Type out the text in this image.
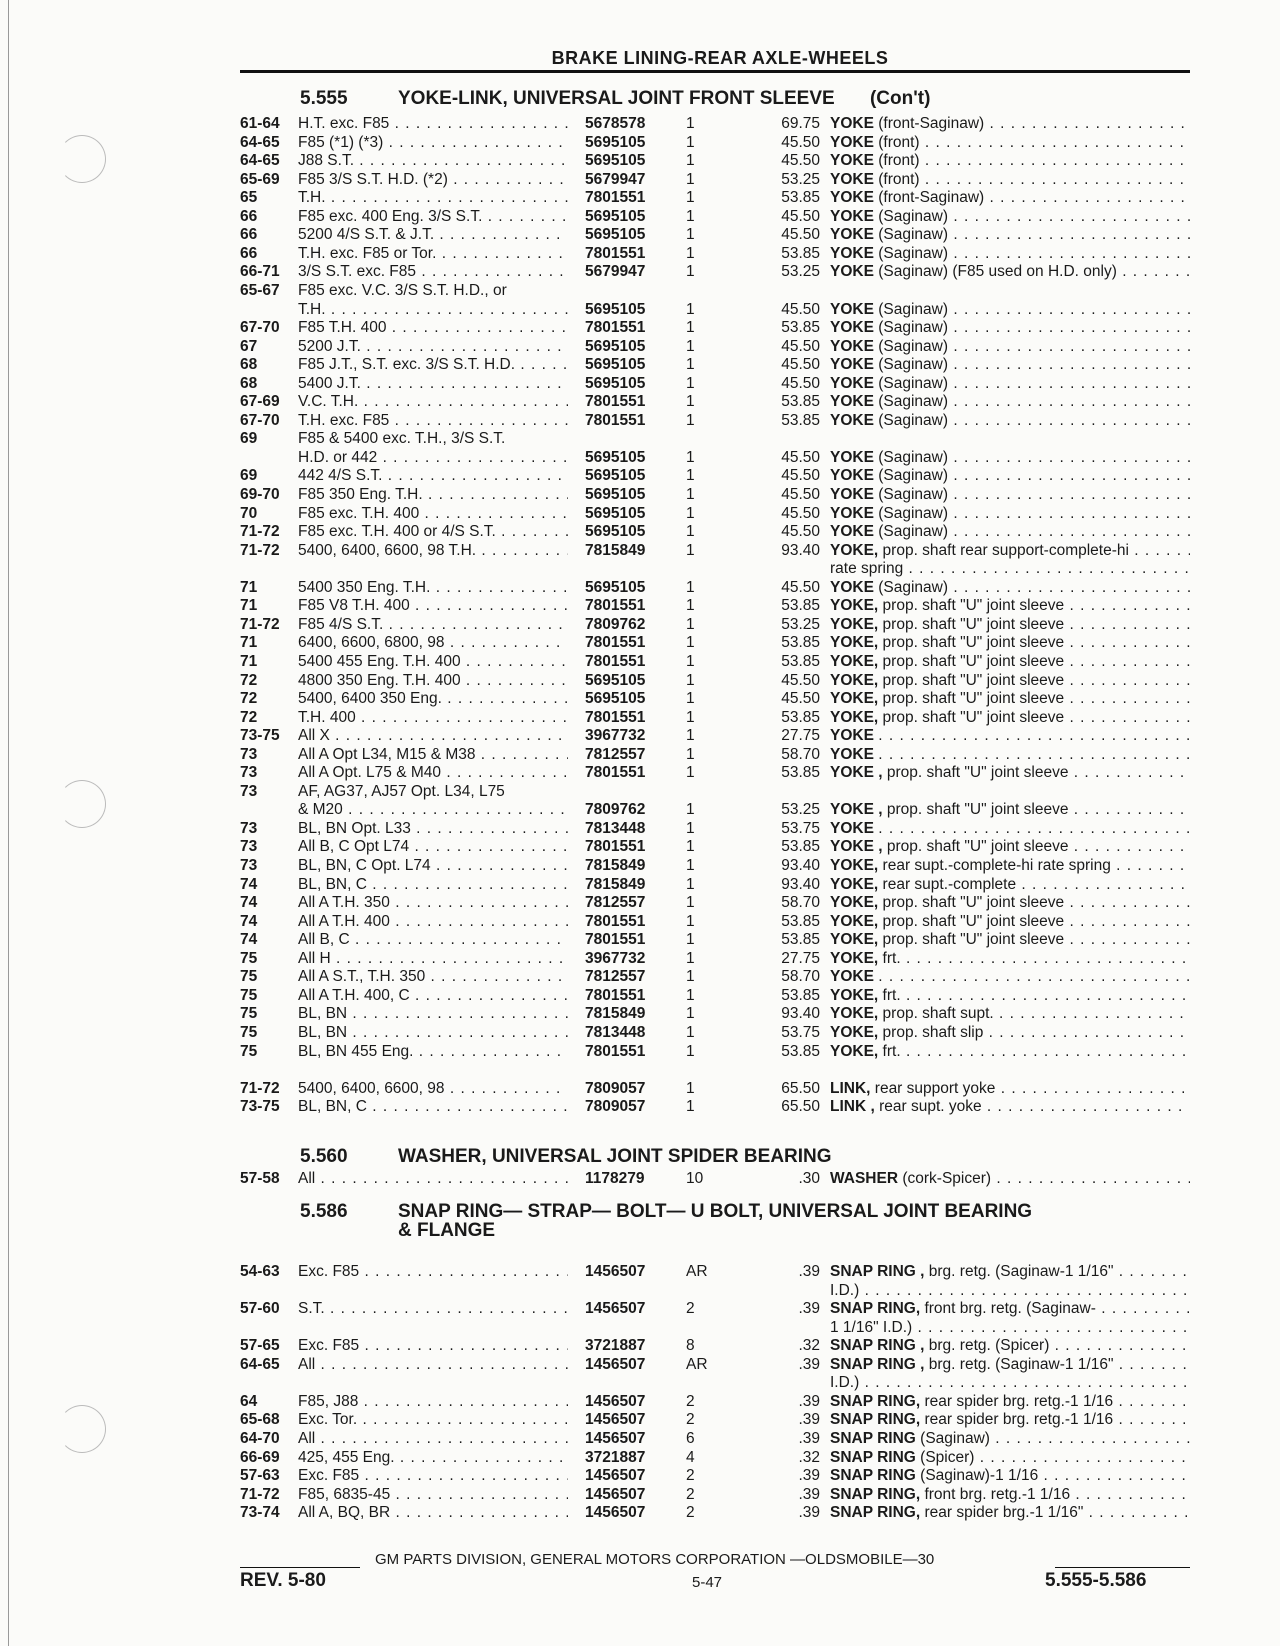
BRAKE LINING-REAR AXLE-WHEELS
5.555	YOKE-LINK, UNIVERSAL JOINT FRONT SLEEVE (Con't)
61-64	H.T. exc. F85 . . .	5678578	1	69.75 YOKE (front-Saginaw) . . .
64-65	F85 (*1) (*3) . . .	5695105	1	45.50 YOKE (front) . . .
64-65	J88 S.T. . . .	5695105	1	45.50 YOKE (front) . . .
65-69	F85 3/S S.T. H.D. (*2) . . .	5679947	1	53.25 YOKE (front) . . .
65	T.H. . . .	7801551	1	53.85 YOKE (front-Saginaw) . . .
66	F85 exc. 400 Eng. 3/S S.T. . . .	5695105	1	45.50 YOKE (Saginaw) . . .
66	5200 4/S S.T. & J.T. . . .	5695105	1	45.50 YOKE (Saginaw) . . .
66	T.H. exc. F85 or Tor. . . .	7801551	1	53.85 YOKE (Saginaw) . . .
66-71	3/S S.T. exc. F85 . . .	5679947	1	53.25 YOKE (Saginaw) (F85 used on H.D. only) . . .
65-67	F85 exc. V.C. 3/S S.T. H.D., or
T.H. . . .	5695105	1	45.50 YOKE (Saginaw) . . .
67-70	F85 T.H. 400 . . .	7801551	1	53.85 YOKE (Saginaw) . . .
67	5200 J.T. . . .	5695105	1	45.50 YOKE (Saginaw) . . .
68	F85 J.T., S.T. exc. 3/S S.T. H.D. . . .	5695105	1	45.50 YOKE (Saginaw) . . .
68	5400 J.T. . . .	5695105	1	45.50 YOKE (Saginaw) . . .
67-69	V.C. T.H. . . .	7801551	1	53.85 YOKE (Saginaw) . . .
67-70	T.H. exc. F85 . . .	7801551	1	53.85 YOKE (Saginaw) . . .
69	F85 & 5400 exc. T.H., 3/S S.T.
H.D. or 442 . . .	5695105	1	45.50 YOKE (Saginaw) . . .
69	442 4/S S.T. . . .	5695105	1	45.50 YOKE (Saginaw) . . .
69-70	F85 350 Eng. T.H. . . .	5695105	1	45.50 YOKE (Saginaw) . . .
70	F85 exc. T.H. 400 . . .	5695105	1	45.50 YOKE (Saginaw) . . .
71-72	F85 exc. T.H. 400 or 4/S S.T. . . .	5695105	1	45.50 YOKE (Saginaw) . . .
71-72	5400, 6400, 6600, 98 T.H. . . .	7815849	1	93.40 YOKE, prop. shaft rear support-complete-hi . . .
rate spring . . .
71	5400 350 Eng. T.H. . . .	5695105	1	45.50 YOKE (Saginaw) . . .
71	F85 V8 T.H. 400 . . .	7801551	1	53.85 YOKE, prop. shaft "U" joint sleeve . . .
71-72	F85 4/S S.T. . . .	7809762	1	53.25 YOKE, prop. shaft "U" joint sleeve . . .
71	6400, 6600, 6800, 98 . . .	7801551	1	53.85 YOKE, prop. shaft "U" joint sleeve . . .
71	5400 455 Eng. T.H. 400 . . .	7801551	1	53.85 YOKE, prop. shaft "U" joint sleeve . . .
72	4800 350 Eng. T.H. 400 . . .	5695105	1	45.50 YOKE, prop. shaft "U" joint sleeve . . .
72	5400, 6400 350 Eng. . . .	5695105	1	45.50 YOKE, prop. shaft "U" joint sleeve . . .
72	T.H. 400 . . .	7801551	1	53.85 YOKE, prop. shaft "U" joint sleeve . . .
73-75	All X . . .	3967732	1	27.75 YOKE . . .
73	All A Opt L34, M15 & M38 . . .	7812557	1	58.70 YOKE . . .
73	All A Opt. L75 & M40 . . .	7801551	1	53.85 YOKE , prop. shaft "U" joint sleeve . . .
73	AF, AG37, AJ57 Opt. L34, L75
& M20 . . .	7809762	1	53.25 YOKE , prop. shaft "U" joint sleeve . . .
73	BL, BN Opt. L33 . . .	7813448	1	53.75 YOKE . . .
73	All B, C Opt L74 . . .	7801551	1	53.85 YOKE , prop. shaft "U" joint sleeve . . .
73	BL, BN, C Opt. L74 . . .	7815849	1	93.40 YOKE, rear supt.-complete-hi rate spring . . .
74	BL, BN, C . . .	7815849	1	93.40 YOKE, rear supt.-complete . . .
74	All A T.H. 350 . . .	7812557	1	58.70 YOKE, prop. shaft "U" joint sleeve . . .
74	All A T.H. 400 . . .	7801551	1	53.85 YOKE, prop. shaft "U" joint sleeve . . .
74	All B, C . . .	7801551	1	53.85 YOKE, prop. shaft "U" joint sleeve . . .
75	All H . . .	3967732	1	27.75 YOKE, frt. . . .
75	All A S.T., T.H. 350 . . .	7812557	1	58.70 YOKE . . .
75	All A T.H. 400, C . . .	7801551	1	53.85 YOKE, frt. . . .
75	BL, BN . . .	7815849	1	93.40 YOKE, prop. shaft supt. . . .
75	BL, BN . . .	7813448	1	53.75 YOKE, prop. shaft slip . . .
75	BL, BN 455 Eng. . . .	7801551	1	53.85 YOKE, frt. . . .
71-72	5400, 6400, 6600, 98 . . .	7809057	1	65.50 LINK, rear support yoke . . .
73-75	BL, BN, C . . .	7809057	1	65.50 LINK , rear supt. yoke . . .
5.560	WASHER, UNIVERSAL JOINT SPIDER BEARING
57-58	All . . .	1178279	10	.30 WASHER (cork-Spicer) . . .
5.586	SNAP RING— STRAP— BOLT— U BOLT, UNIVERSAL JOINT BEARING
& FLANGE
54-63	Exc. F85 . . .	1456507	AR	.39 SNAP RING , brg. retg. (Saginaw-1 1/16" . . .
I.D.) . . .
57-60	S.T. . . .	1456507	2	.39 SNAP RING, front brg. retg. (Saginaw- . . .
1 1/16" I.D.) . . .
57-65	Exc. F85 . . .	3721887	8	.32 SNAP RING , brg. retg. (Spicer) . . .
64-65	All . . .	1456507	AR	.39 SNAP RING , brg. retg. (Saginaw-1 1/16" . . .
I.D.) . . .
64	F85, J88 . . .	1456507	2	.39 SNAP RING, rear spider brg. retg.-1 1/16 . . .
65-68	Exc. Tor. . . .	1456507	2	.39 SNAP RING, rear spider brg. retg.-1 1/16 . . .
64-70	All . . .	1456507	6	.39 SNAP RING (Saginaw) . . .
66-69	425, 455 Eng. . . .	3721887	4	.32 SNAP RING (Spicer) . . .
57-63	Exc. F85 . . .	1456507	2	.39 SNAP RING (Saginaw)-1 1/16 . . .
71-72	F85, 6835-45 . . .	1456507	2	.39 SNAP RING, front brg. retg.-1 1/16 . . .
73-74	All A, BQ, BR . . .	1456507	2	.39 SNAP RING, rear spider brg.-1 1/16" . . .
GM PARTS DIVISION, GENERAL MOTORS CORPORATION —OLDSMOBILE—30
REV. 5-80	5-47	5.555-5.586
